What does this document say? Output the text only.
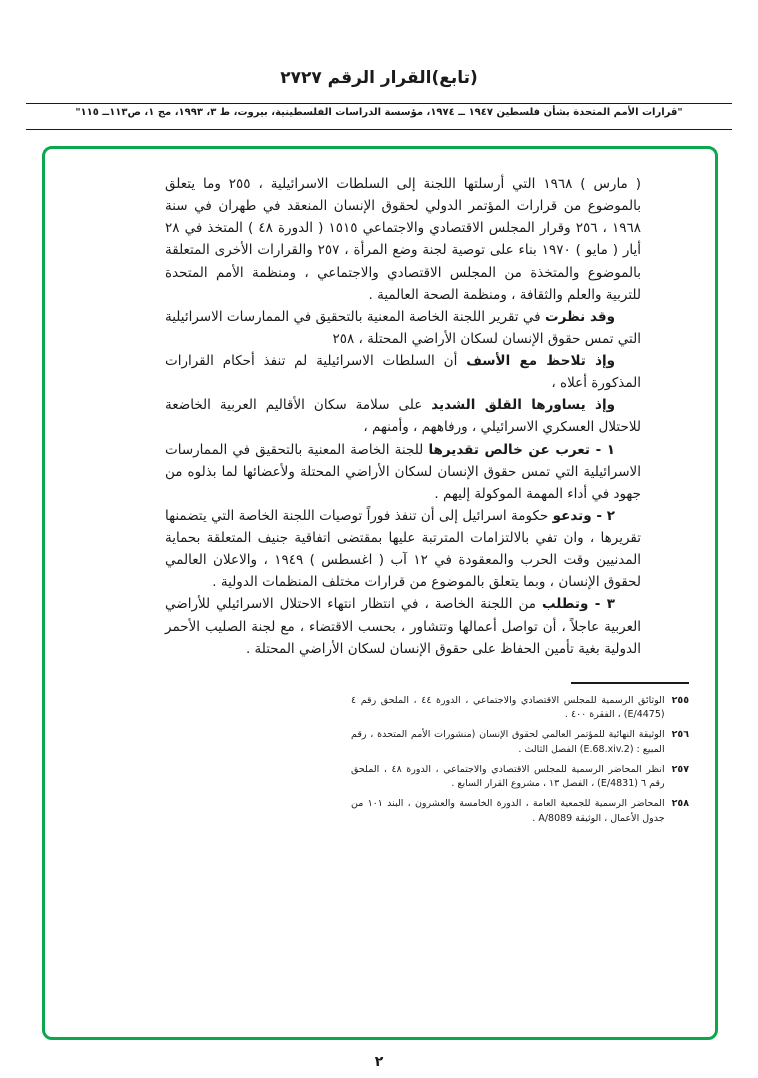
(تابع)القرار الرقم ٢٧٢٧
"قرارات الأمم المتحدة بشأن فلسطين ١٩٤٧ ــ ١٩٧٤، مؤسسة الدراسات الفلسطينية، بيروت، ط ٣، ١٩٩٣، مج ١، ص١١٣ــ ١١٥"

( مارس ) ١٩٦٨ التي أرسلتها اللجنة إلى السلطات الاسرائيلية ، ٢٥٥ وما يتعلق بالموضوع من قرارات المؤتمر الدولي لحقوق الإنسان المنعقد في طهران في سنة ١٩٦٨ ، ٢٥٦ وقرار المجلس الاقتصادي والاجتماعي ١٥١٥ ( الدورة ٤٨ ) المتخذ في ٢٨ أيار ( مايو ) ١٩٧٠ بناء على توصية لجنة وضع المرأة ، ٢٥٧ والقرارات الأخرى المتعلقة بالموضوع والمتخذة من المجلس الاقتصادي والاجتماعي ، ومنظمة الأمم المتحدة للتربية والعلم والثقافة ، ومنظمة الصحة العالمية .

وقد نظرت في تقرير اللجنة الخاصة المعنية بالتحقيق في الممارسات الاسرائيلية التي تمس حقوق الإنسان لسكان الأراضي المحتلة ، ٢٥٨

وإذ تلاحظ مع الأسف أن السلطات الاسرائيلية لم تنفذ أحكام القرارات المذكورة أعلاه ،

وإذ يساورها القلق الشديد على سلامة سكان الأقاليم العربية الخاضعة للاحتلال العسكري الاسرائيلي ، ورفاههم ، وأمنهم ،

١ - تعرب عن خالص تقديرها للجنة الخاصة المعنية بالتحقيق في الممارسات الاسرائيلية التي تمس حقوق الإنسان لسكان الأراضي المحتلة ولأعضائها لما بذلوه من جهود في أداء المهمة الموكولة إليهم .

٢ - وتدعو حكومة اسرائيل إلى أن تنفذ فوراً توصيات اللجنة الخاصة التي يتضمنها تقريرها ، وان تفي بالالتزامات المترتبة عليها بمقتضى اتفاقية جنيف المتعلقة بحماية المدنيين وقت الحرب والمعقودة في ١٢ آب ( اغسطس ) ١٩٤٩ ، والاعلان العالمي لحقوق الإنسان ، وبما يتعلق بالموضوع من قرارات مختلف المنظمات الدولية .

٣ - وتطلب من اللجنة الخاصة ، في انتظار انتهاء الاحتلال الاسرائيلي للأراضي العربية عاجلاً ، أن تواصل أعمالها وتتشاور ، بحسب الاقتضاء ، مع لجنة الصليب الأحمر الدولية بغية تأمين الحفاظ على حقوق الإنسان لسكان الأراضي المحتلة .

٢٥٥
الوثائق الرسمية للمجلس الاقتصادي والاجتماعي ، الدورة ٤٤ ، الملحق رقم ٤ (E/4475) ، الفقرة ٤٠٠ .
٢٥٦
الوثيقة النهائية للمؤتمر العالمي لحقوق الإنسان (منشورات الأمم المتحدة ، رقم المبيع : (E.68.xiv.2) الفصل الثالث .
٢٥٧
انظر المحاضر الرسمية للمجلس الاقتصادي والاجتماعي ، الدورة ٤٨ ، الملحق رقم ٦ (E/4831) ، الفصل ١٣ ، مشروع القرار السابع .
٢٥٨
المحاضر الرسمية للجمعية العامة ، الدورة الخامسة والعشرون ، البند ١٠١ من جدول الأعمال ، الوثيقة A/8089 .
٢
